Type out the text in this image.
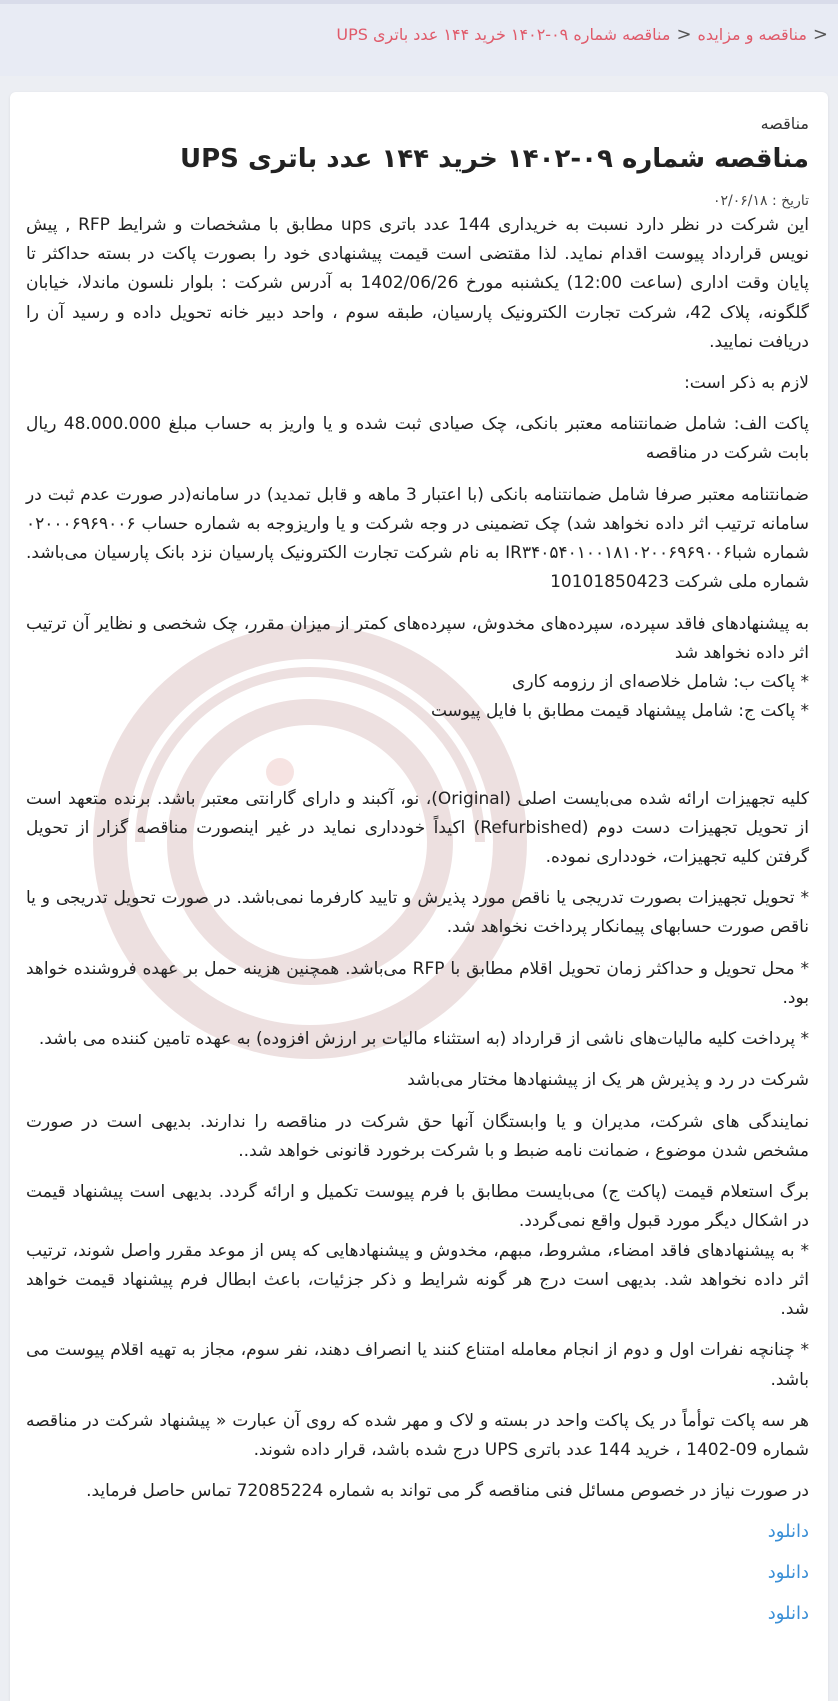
<
مناقصه و مزایده
<
مناقصه شماره ۰۹-۱۴۰۲ خرید ۱۴۴ عدد باتری UPS
مناقصه
مناقصه شماره ۰۹-۱۴۰۲ خرید ۱۴۴ عدد باتری UPS
تاریخ : ۰۲/۰۶/۱۸

این شرکت در نظر دارد نسبت به خریداری 144 عدد باتری ups مطابق با مشخصات و شرایط RFP , پیش نویس قرارداد پیوست اقدام نماید. لذا مقتضی است قیمت پیشنهادی خود را بصورت پاکت در بسته حداکثر تا پایان وقت اداری (ساعت 12:00) یکشنبه مورخ 1402/06/26 به آدرس شرکت : بلوار نلسون ماندلا، خیابان گلگونه، پلاک 42، شرکت تجارت الکترونیک پارسیان، طبقه سوم ، واحد دبیر خانه تحویل داده و رسید آن را دریافت نمایید.

لازم به ذکر است:

پاکت الف: شامل ضمانتنامه معتبر بانکی، چک صیادی ثبت شده و یا واریز به حساب مبلغ 48.000.000 ریال بابت شرکت در مناقصه

ضمانتنامه معتبر صرفا شامل ضمانتنامه بانکی (با اعتبار 3 ماهه و قابل تمدید) در سامانه(در صورت عدم ثبت در سامانه ترتیب اثر داده نخواهد شد) چک تضمینی در وجه شرکت و یا واریزوجه به شماره حساب ۰۲۰۰۰۶۹۶۹۰۰۶ شماره شباIR۳۴۰۵۴۰۱۰۰۱۸۱۰۲۰۰۶۹۶۹۰۰۶ به نام شرکت تجارت الکترونیک پارسیان نزد بانک پارسیان می‌باشد. شماره ملی شرکت 10101850423

به پیشنهادهای فاقد سپرده، سپرده‌های مخدوش، سپرده‌های کمتر از میزان مقرر، چک شخصی و نظایر آن ترتیب اثر داده نخواهد شد

* پاکت ب: شامل خلاصه‌ای از رزومه کاری

* پاکت ج: شامل پیشنهاد قیمت مطابق با فایل پیوست

کلیه تجهیزات ارائه شده می‌بایست اصلی (Original)، نو، آکبند و دارای گارانتی معتبر باشد. برنده متعهد است از تحویل تجهیزات دست دوم (Refurbished) اکیداً خودداری نماید در غیر اینصورت مناقصه گزار از تحویل گرفتن کلیه تجهیزات، خودداری نموده.

* تحویل تجهیزات بصورت تدریجی یا ناقص مورد پذیرش و تایید کارفرما نمی‌باشد. در صورت تحویل تدریجی و یا ناقص صورت حسابهای پیمانکار پرداخت نخواهد شد.

* محل تحویل و حداکثر زمان تحویل اقلام مطابق با RFP می‌باشد. همچنین هزینه حمل بر عهده فروشنده خواهد بود.

* پرداخت کلیه مالیات‌های ناشی از قرارداد (به استثناء مالیات بر ارزش افزوده) به عهده تامین کننده می باشد.

شرکت در رد و پذیرش هر یک از پیشنهادها مختار می‌باشد

نمایندگی های شرکت، مدیران و یا وابستگان آنها حق شرکت در مناقصه را ندارند. بدیهی است در صورت مشخص شدن موضوع ، ضمانت نامه ضبط و با شرکت برخورد قانونی خواهد شد..

برگ استعلام قیمت (پاکت ج) می‌بایست مطابق با فرم پیوست تکمیل و ارائه گردد. بدیهی است پیشنهاد قیمت در اشکال دیگر مورد قبول واقع نمی‌گردد.

* به پیشنهادهای فاقد امضاء، مشروط، مبهم، مخدوش و پیشنهادهایی که پس از موعد مقرر واصل شوند، ترتیب اثر داده نخواهد شد. بدیهی است درج هر گونه شرایط و ذکر جزئیات، باعث ابطال فرم پیشنهاد قیمت خواهد شد.

* چنانچه نفرات اول و دوم از انجام معامله امتناع کنند یا انصراف دهند، نفر سوم، مجاز به تهیه اقلام پیوست می باشد.

هر سه پاکت توأماً در یک پاکت واحد در بسته و لاک و مهر شده که روی آن عبارت « پیشنهاد شرکت در مناقصه شماره 09-1402 ، خرید 144 عدد باتری UPS درج شده باشد، قرار داده شوند.

در صورت نیاز در خصوص مسائل فنی مناقصه گر می تواند به شماره 72085224 تماس حاصل فرماید.

دانلود
دانلود
دانلود
